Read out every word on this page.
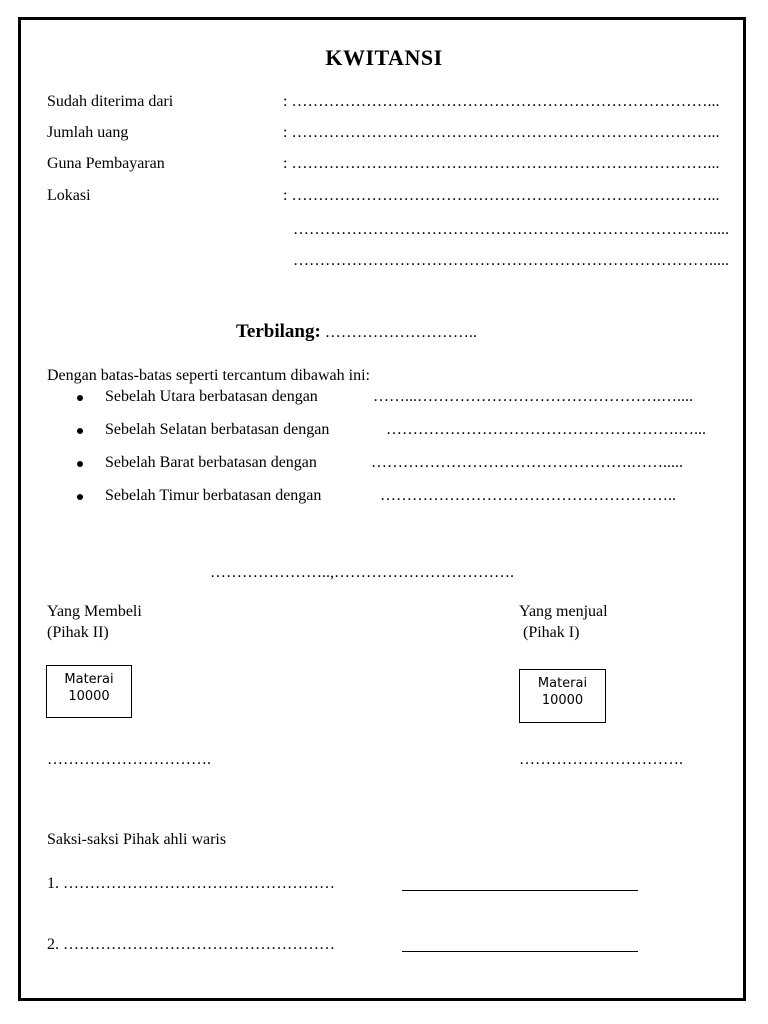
KWITANSI
Sudah diterima dari	: ……………………………………………………………………...
Jumlah uang	: ……………………………………………………………………...
Guna Pembayaran	: ……………………………………………………………………...
Lokasi	: ……………………………………………………………………...
…………………………………………………………………….....
…………………………………………………………………….....
Terbilang: ………………………..
Dengan batas-batas seperti tercantum dibawah ini:
Sebelah Utara berbatasan dengan	……...……………………………………….…....
Sebelah Selatan berbatasan dengan	……………………………………………….…...
Sebelah Barat berbatasan dengan	………………………………………….…….....
Sebelah Timur berbatasan dengan	………………………………………………..
…………………..,…………………………….
Yang Membeli
(Pihak II)
Materai
10000
………………………….
Yang menjual
(Pihak I)
Materai
10000
………………………….
Saksi-saksi Pihak ahli waris
1. ……………………………………………
2. ……………………………………………
